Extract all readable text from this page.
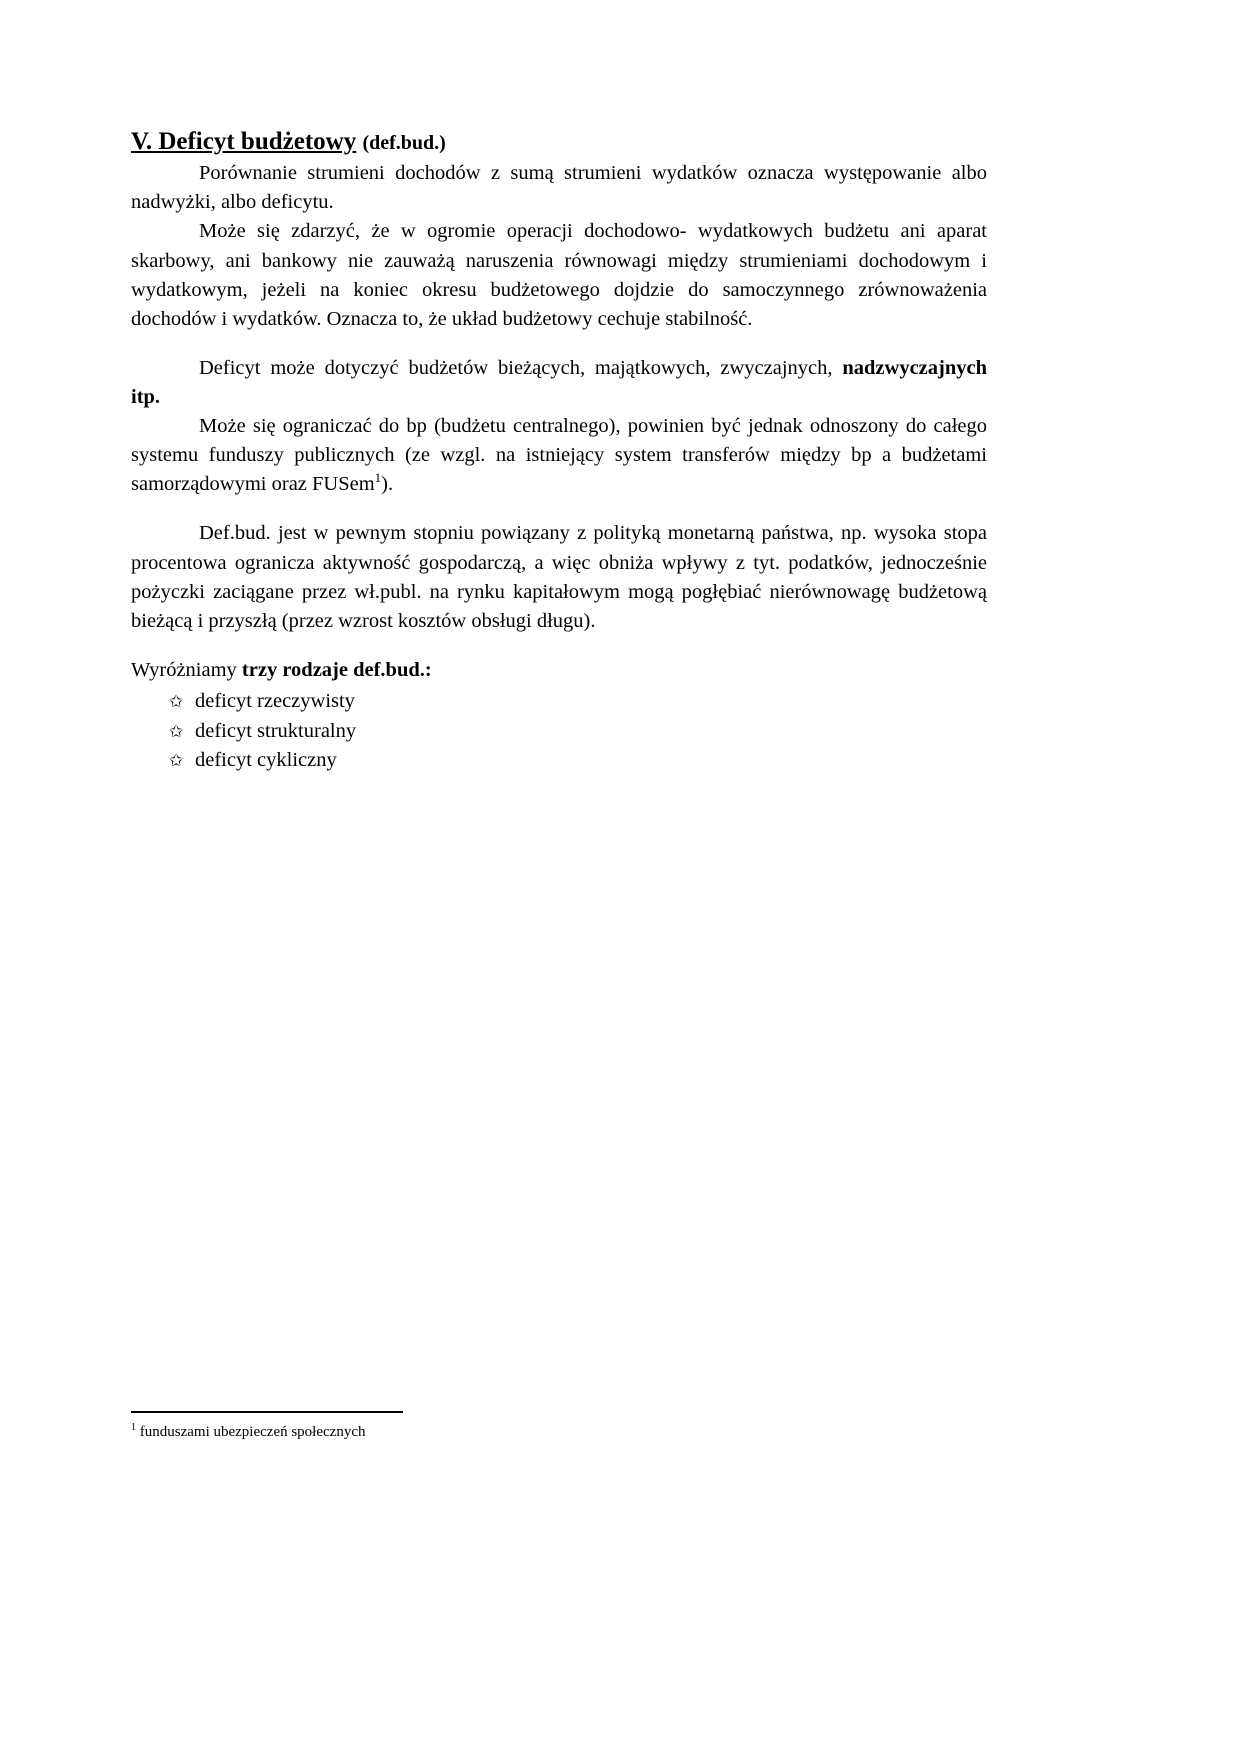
V. Deficyt budżetowy (def.bud.)

Porównanie strumieni dochodów z sumą strumieni wydatków oznacza występowanie albo nadwyżki, albo deficytu.

Może się zdarzyć, że w ogromie operacji dochodowo- wydatkowych budżetu ani aparat skarbowy, ani bankowy nie zauważą naruszenia równowagi między strumieniami dochodowym i wydatkowym, jeżeli na koniec okresu budżetowego dojdzie do samoczynnego zrównoważenia dochodów i wydatków. Oznacza to, że układ budżetowy cechuje stabilność.

Deficyt może dotyczyć budżetów bieżących, majątkowych, zwyczajnych, nadzwyczajnych itp.

Może się ograniczać do bp (budżetu centralnego), powinien być jednak odnoszony do całego systemu funduszy publicznych (ze wzgl. na istniejący system transferów między bp a budżetami samorządowymi oraz FUSem$^1$).

Def.bud. jest w pewnym stopniu powiązany z polityką monetarną państwa, np. wysoka stopa procentowa ogranicza aktywność gospodarczą, a więc obniża wpływy z tyt. podatków, jednocześnie pożyczki zaciągane przez wł.publ. na rynku kapitałowym mogą pogłębiać nierównowagę budżetową bieżącą i przyszłą (przez wzrost kosztów obsługi długu).

Wyróżniamy trzy rodzaje def.bud.:

✩ deficyt rzeczywisty
✩ deficyt strukturalny
✩ deficyt cykliczny

$^1$ funduszami ubezpieczeń społecznych
